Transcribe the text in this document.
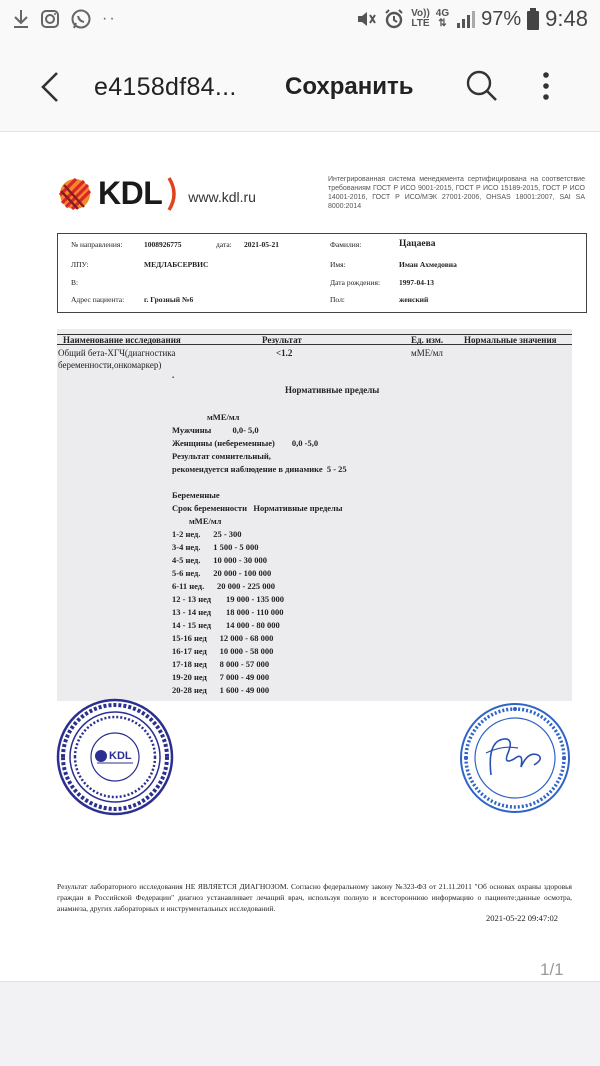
··	Vo))
LTE
4G
⇅ 97% 9:48
e4158df84... Сохранить
KDL www.kdl.ru
Интегрированная система менеджмента сертифицирована на соответствие требованиям ГОСТ Р ИСО 9001-2015, ГОСТ Р ИСО 15189-2015, ГОСТ Р ИСО 14001-2016, ГОСТ Р ИСО/МЭК 27001-2006, OHSAS 18001:2007, SAI SA 8000:2014
№ направления:	1008926775	дата: 2021-05-21
ЛПУ:	МЕДЛАБСЕРВИС
В:
Адрес пациента:	г. Грозный №6
Фамилия:	Цацаева
Имя:	Иман Ахмедовна
Дата рождения:	1997-04-13
Пол:	женский
Наименование исследования	Результат	Ед. изм. Нормальные значения
Общий бета-ХГЧ(диагностика
беременности,онкомаркер)
<1.2	мМЕ/мл
.
Нормативные пределы
мМЕ/мл
Мужчины          0,0- 5,0
Женщины (небеременные)        0,0 -5,0
Результат сомнительный,
рекомендуется наблюдение в динамике  5 - 25
Беременные
Срок беременности   Нормативные пределы
мМЕ/мл
1-2 нед.      25 - 300
3-4 нед.      1 500 - 5 000
4-5 нед.      10 000 - 30 000
5-6 нед.      20 000 - 100 000
6-11 нед.      20 000 - 225 000
12 - 13 нед       19 000 - 135 000
13 - 14 нед       18 000 - 110 000
14 - 15 нед       14 000 - 80 000
15-16 нед      12 000 - 68 000
16-17 нед      10 000 - 58 000
17-18 нед      8 000 - 57 000
19-20 нед      7 000 - 49 000
20-28 нед      1 600 - 49 000
KDL
Результат лабораторного исследования НЕ ЯВЛЯЕТСЯ ДИАГНОЗОМ. Согласно федеральному закону №323-ФЗ от 21.11.2011 "Об основах охраны здоровья граждан в Российской Федерации" диагноз устанавливает лечащий врач, используя полную и всестороннюю информацию о пациенте:данные осмотра, анамнеза, других лабораторных и инструментальных исследований.
2021-05-22 09:47:02
1/1
